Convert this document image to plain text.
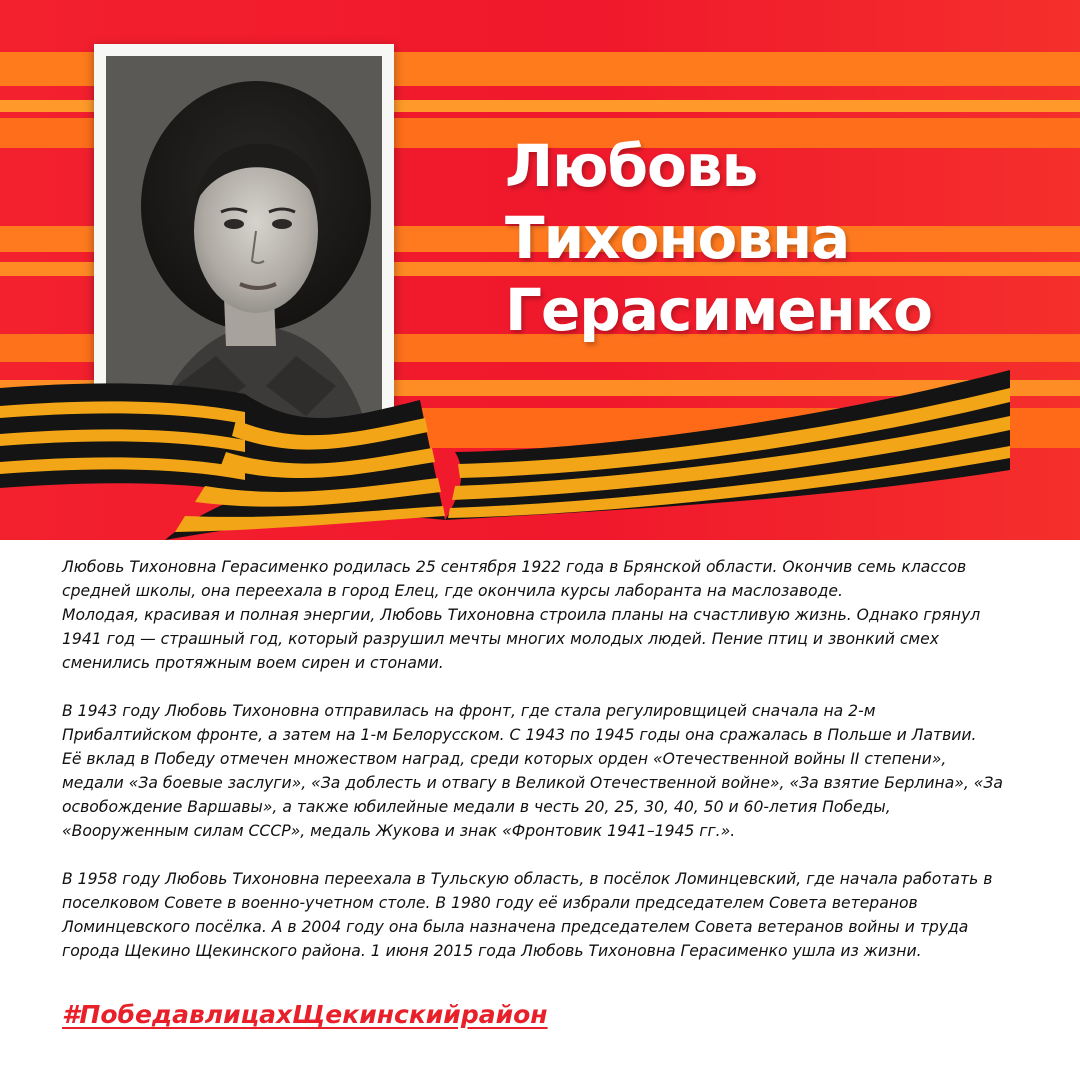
Любовь
Тихоновна
Герасименко

Любовь Тихоновна Герасименко родилась 25 сентября 1922 года в Брянской области. Окончив семь классов

средней школы, она переехала в город Елец, где окончила курсы лаборанта на маслозаводе.

Молодая, красивая и полная энергии, Любовь Тихоновна строила планы на счастливую жизнь. Однако грянул

1941 год — страшный год, который разрушил мечты многих молодых людей. Пение птиц и звонкий смех

сменились протяжным воем сирен и стонами.

В 1943 году Любовь Тихоновна отправилась на фронт, где стала регулировщицей сначала на 2-м

Прибалтийском фронте, а затем на 1-м Белорусском. С 1943 по 1945 годы она сражалась в Польше и Латвии.

Её вклад в Победу отмечен множеством наград, среди которых орден «Отечественной войны II степени»,

медали «За боевые заслуги», «За доблесть и отвагу в Великой Отечественной войне», «За взятие Берлина», «За

освобождение Варшавы», а также юбилейные медали в честь 20, 25, 30, 40, 50 и 60-летия Победы,

«Вооруженным силам СССР», медаль Жукова и знак «Фронтовик 1941–1945 гг.».

В 1958 году Любовь Тихоновна переехала в Тульскую область, в посёлок Ломинцевский, где начала работать в

поселковом Совете в военно-учетном столе. В 1980 году её избрали председателем Совета ветеранов

Ломинцевского посёлка. А в 2004 году она была назначена председателем Совета ветеранов войны и труда

города Щекино Щекинского района. 1 июня 2015 года Любовь Тихоновна Герасименко ушла из жизни.

#ПобедавлицахЩекинскийрайон
